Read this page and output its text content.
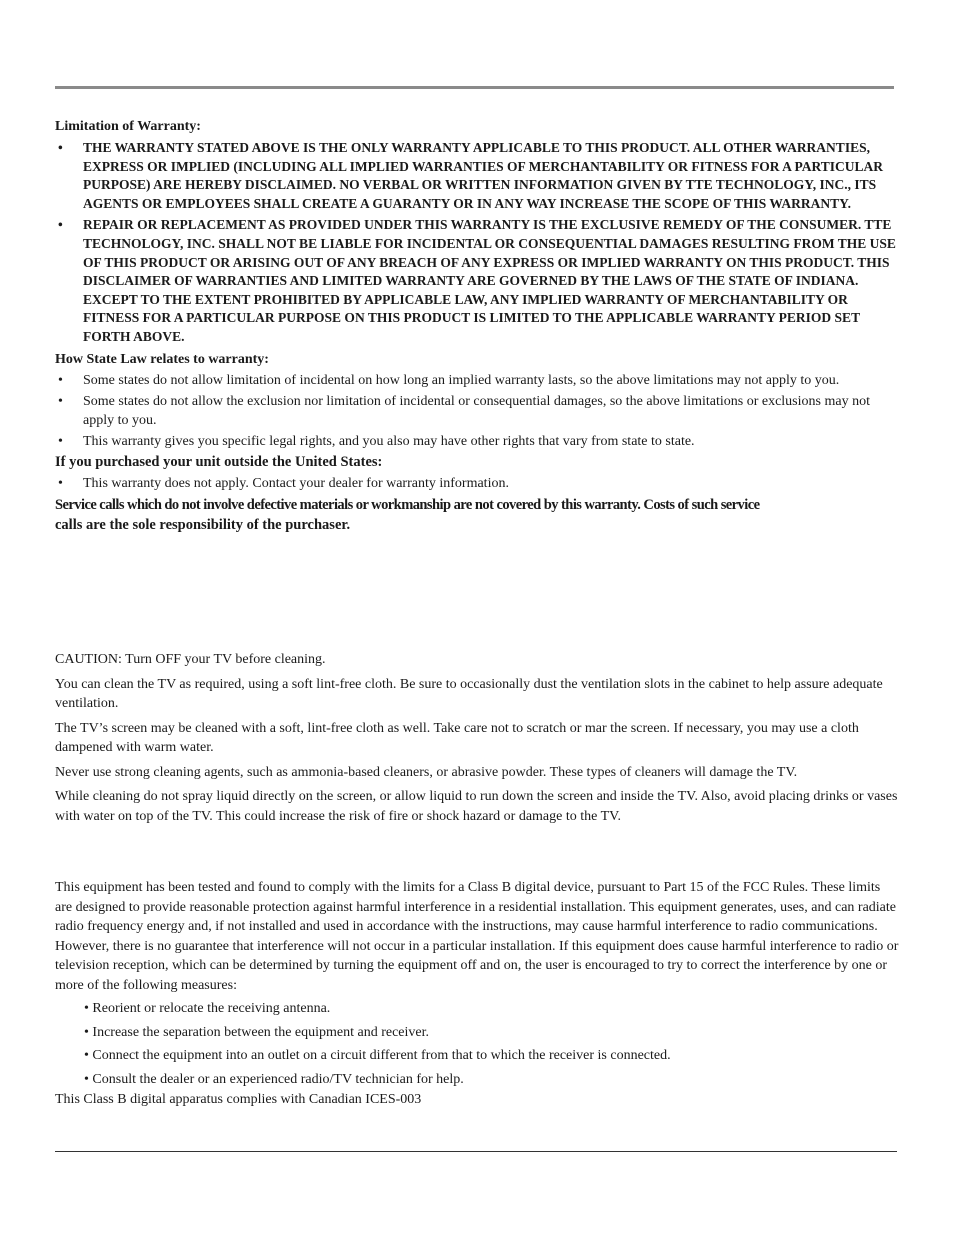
Limitation of Warranty:

• THE WARRANTY STATED ABOVE IS THE ONLY WARRANTY APPLICABLE TO THIS PRODUCT. ALL OTHER WARRANTIES, EXPRESS OR IMPLIED (INCLUDING ALL IMPLIED WARRANTIES OF MERCHANTABILITY OR FITNESS FOR A PARTICULAR PURPOSE) ARE HEREBY DISCLAIMED. NO VERBAL OR WRITTEN INFORMATION GIVEN BY TTE TECHNOLOGY, INC., ITS AGENTS OR EMPLOYEES SHALL CREATE A GUARANTY OR IN ANY WAY INCREASE THE SCOPE OF THIS WARRANTY.
• REPAIR OR REPLACEMENT AS PROVIDED UNDER THIS WARRANTY IS THE EXCLUSIVE REMEDY OF THE CONSUMER. TTE TECHNOLOGY, INC. SHALL NOT BE LIABLE FOR INCIDENTAL OR CONSEQUENTIAL DAMAGES RESULTING FROM THE USE OF THIS PRODUCT OR ARISING OUT OF ANY BREACH OF ANY EXPRESS OR IMPLIED WARRANTY ON THIS PRODUCT. THIS DISCLAIMER OF WARRANTIES AND LIMITED WARRANTY ARE GOVERNED BY THE LAWS OF THE STATE OF INDIANA. EXCEPT TO THE EXTENT PROHIBITED BY APPLICABLE LAW, ANY IMPLIED WARRANTY OF MERCHANTABILITY OR FITNESS FOR A PARTICULAR PURPOSE ON THIS PRODUCT IS LIMITED TO THE APPLICABLE WARRANTY PERIOD SET FORTH ABOVE.

How State Law relates to warranty:

• Some states do not allow limitation of incidental on how long an implied warranty lasts, so the above limitations may not apply to you.
• Some states do not allow the exclusion nor limitation of incidental or consequential damages, so the above limitations or exclusions may not apply to you.
• This warranty gives you specific legal rights, and you also may have other rights that vary from state to state.

If you purchased your unit outside the United States:

• This warranty does not apply. Contact your dealer for warranty information.

Service calls which do not involve defective materials or workmanship are not covered by this warranty. Costs of such service
calls are the sole responsibility of the purchaser.

CAUTION: Turn OFF your TV before cleaning.

You can clean the TV as required, using a soft lint-free cloth. Be sure to occasionally dust the ventilation slots in the cabinet to help assure adequate ventilation.

The TV’s screen may be cleaned with a soft, lint-free cloth as well. Take care not to scratch or mar the screen. If necessary, you may use a cloth dampened with warm water.

Never use strong cleaning agents, such as ammonia-based cleaners, or abrasive powder. These types of cleaners will damage the TV.

While cleaning do not spray liquid directly on the screen, or allow liquid to run down the screen and inside the TV. Also, avoid placing drinks or vases with water on top of the TV. This could increase the risk of fire or shock hazard or damage to the TV.

This equipment has been tested and found to comply with the limits for a Class B digital device, pursuant to Part 15 of the FCC Rules. These limits are designed to provide reasonable protection against harmful interference in a residential installation. This equipment generates, uses, and can radiate radio frequency energy and, if not installed and used in accordance with the instructions, may cause harmful interference to radio communications. However, there is no guarantee that interference will not occur in a particular installation. If this equipment does cause harmful interference to radio or television reception, which can be determined by turning the equipment off and on, the user is encouraged to try to correct the interference by one or more of the following measures:

• Reorient or relocate the receiving antenna.
• Increase the separation between the equipment and receiver.
• Connect the equipment into an outlet on a circuit different from that to which the receiver is connected.
• Consult the dealer or an experienced radio/TV technician for help.

This Class B digital apparatus complies with Canadian ICES-003
